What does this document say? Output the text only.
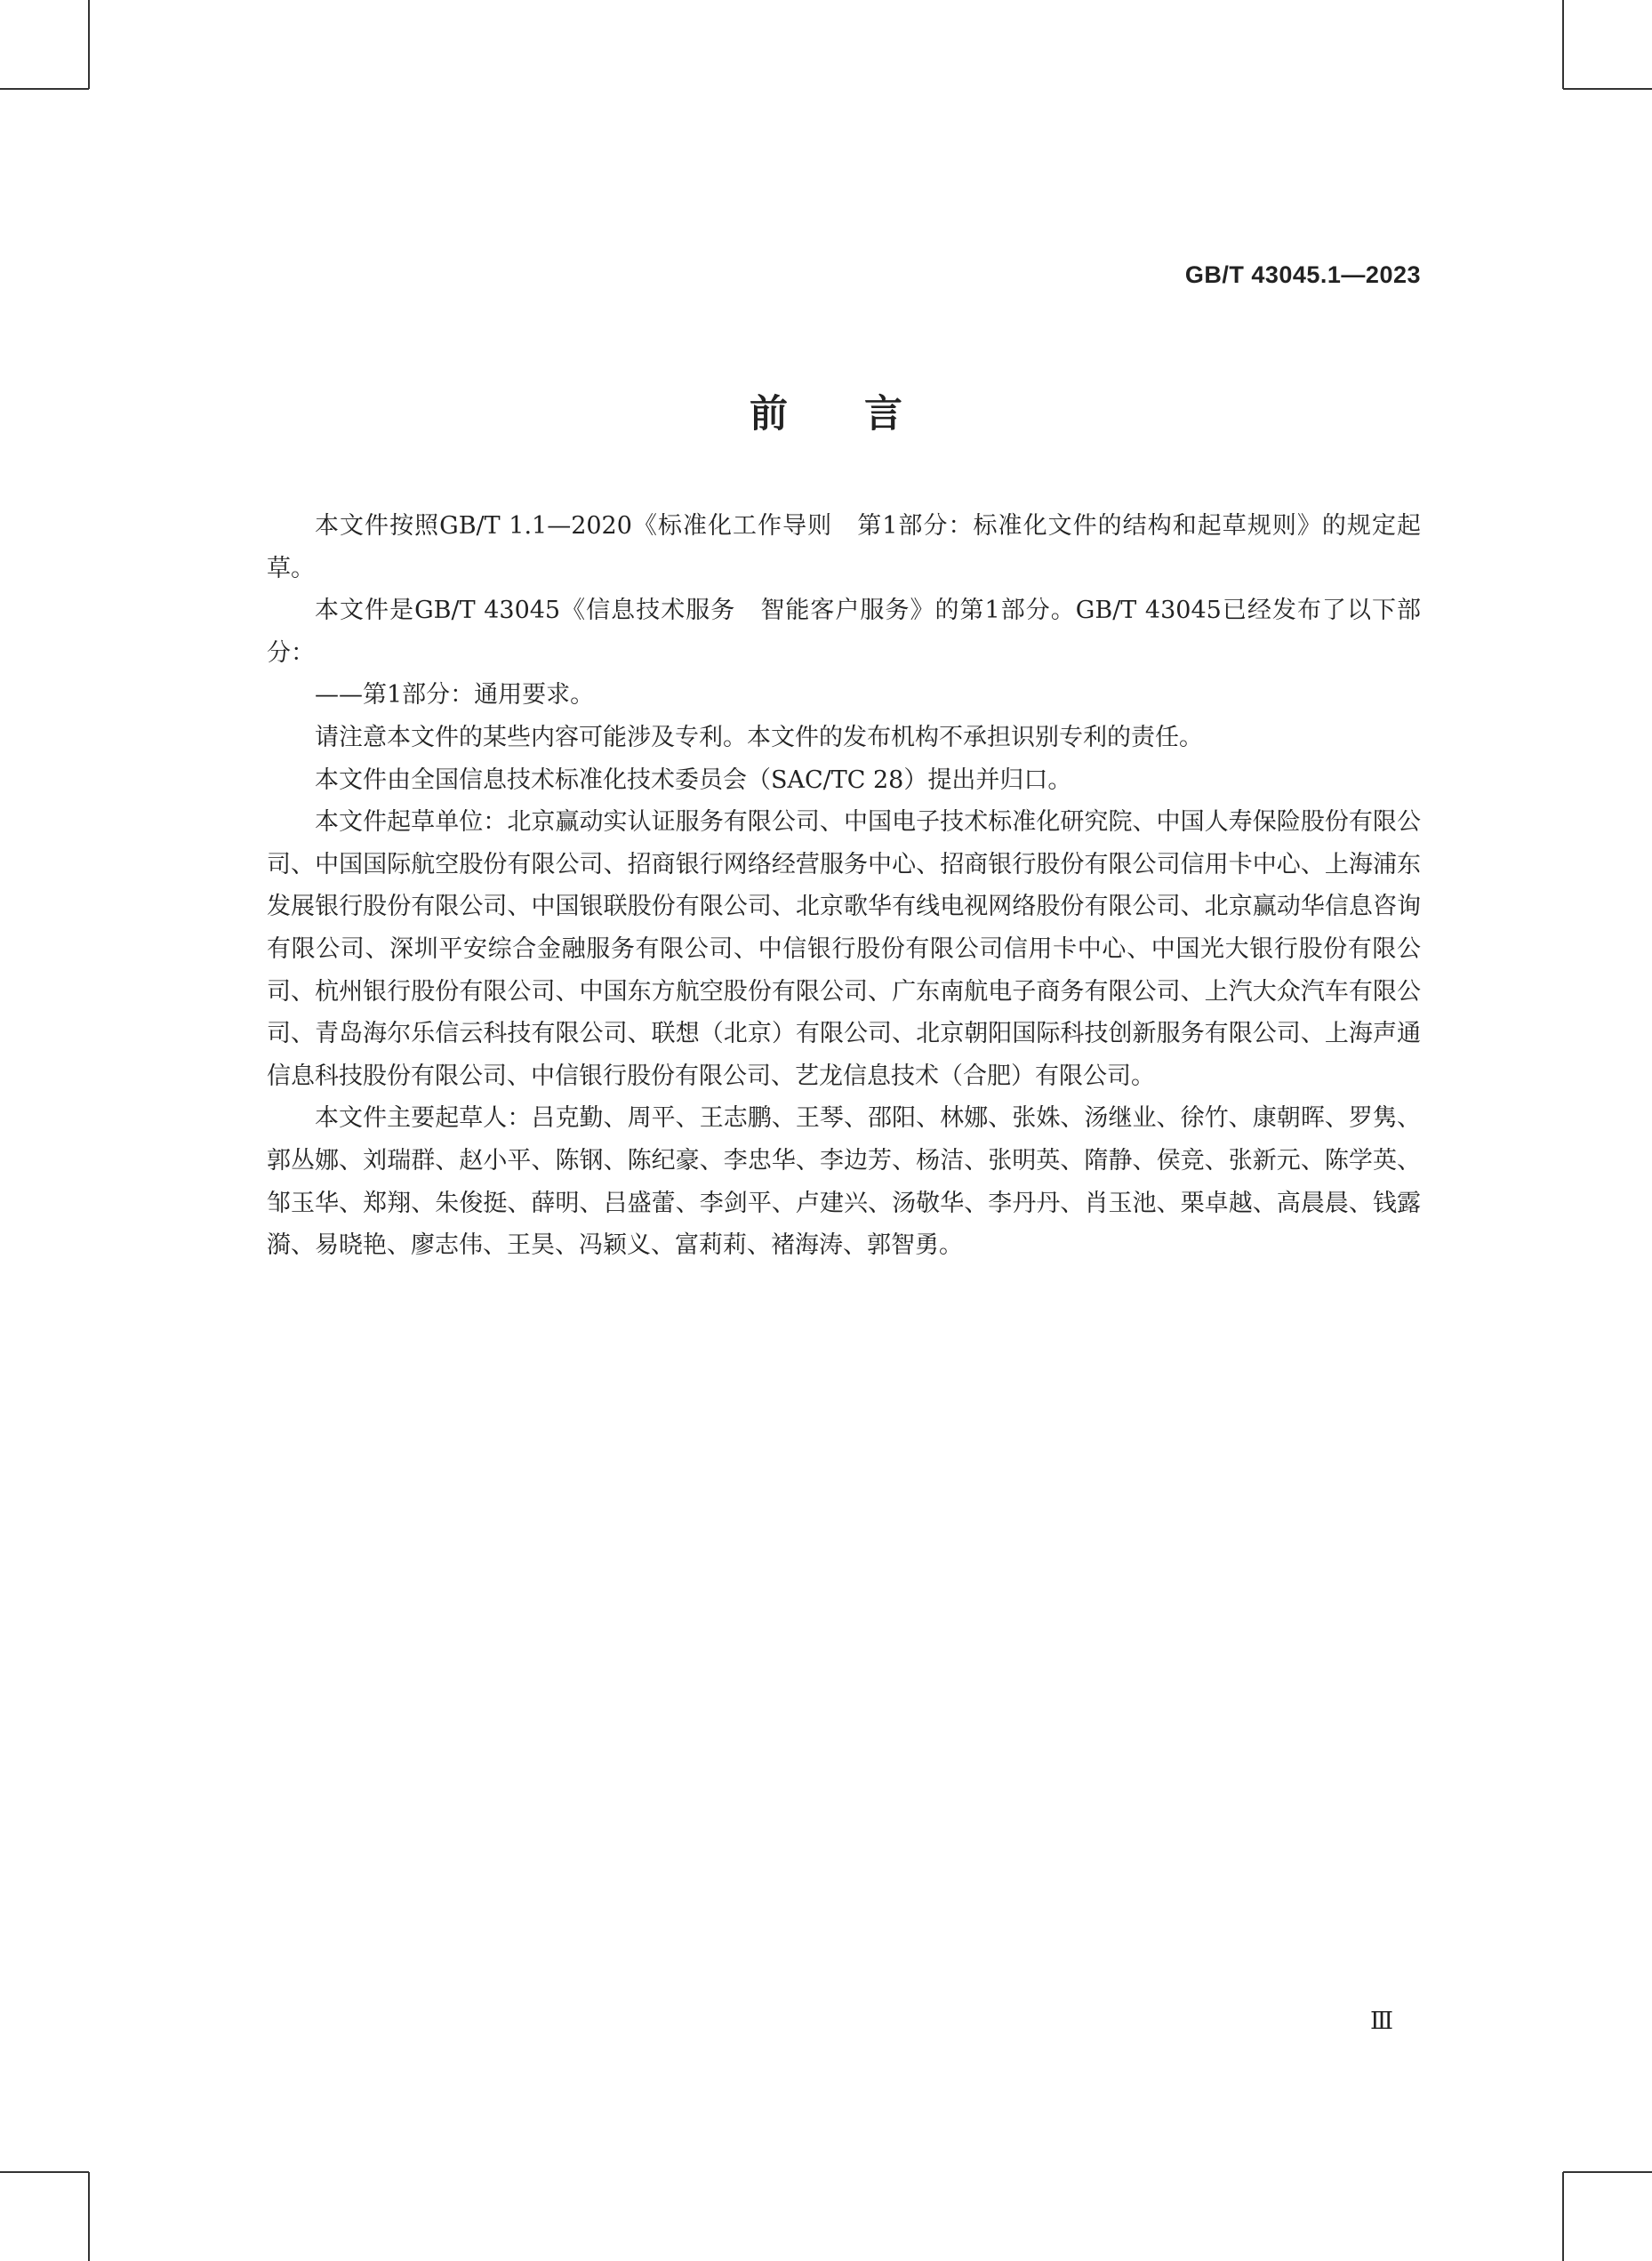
GB/T 43045.1—2023
前言

本文件按照GB/T 1.1—2020《标准化工作导则　第1部分：标准化文件的结构和起草规则》的规定起草。

本文件是GB/T 43045《信息技术服务　智能客户服务》的第1部分。GB/T 43045已经发布了以下部分：

——第1部分：通用要求。

请注意本文件的某些内容可能涉及专利。本文件的发布机构不承担识别专利的责任。

本文件由全国信息技术标准化技术委员会（SAC/TC 28）提出并归口。

本文件起草单位：北京赢动实认证服务有限公司、中国电子技术标准化研究院、中国人寿保险股份有限公司、中国国际航空股份有限公司、招商银行网络经营服务中心、招商银行股份有限公司信用卡中心、上海浦东发展银行股份有限公司、中国银联股份有限公司、北京歌华有线电视网络股份有限公司、北京赢动华信息咨询有限公司、深圳平安综合金融服务有限公司、中信银行股份有限公司信用卡中心、中国光大银行股份有限公司、杭州银行股份有限公司、中国东方航空股份有限公司、广东南航电子商务有限公司、上汽大众汽车有限公司、青岛海尔乐信云科技有限公司、联想（北京）有限公司、北京朝阳国际科技创新服务有限公司、上海声通信息科技股份有限公司、中信银行股份有限公司、艺龙信息技术（合肥）有限公司。

本文件主要起草人：吕克勤、周平、王志鹏、王琴、邵阳、林娜、张姝、汤继业、徐竹、康朝晖、罗隽、郭丛娜、刘瑞群、赵小平、陈钢、陈纪豪、李忠华、李边芳、杨洁、张明英、隋静、侯竞、张新元、陈学英、邹玉华、郑翔、朱俊挺、薛明、吕盛蕾、李剑平、卢建兴、汤敬华、李丹丹、肖玉池、栗卓越、高晨晨、钱露漪、易晓艳、廖志伟、王昊、冯颖义、富莉莉、褚海涛、郭智勇。

Ⅲ
